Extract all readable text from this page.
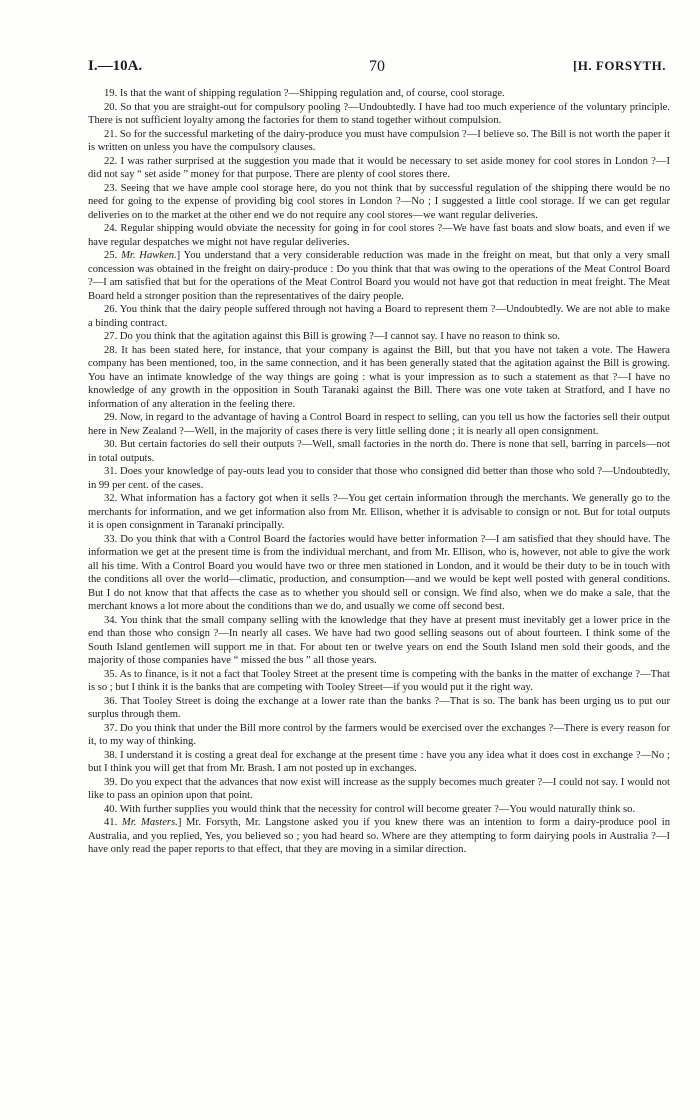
I.—10A.	70	[H. FORSYTH.

19. Is that the want of shipping regulation ?—Shipping regulation and, of course, cool storage.

20. So that you are straight-out for compulsory pooling ?—Undoubtedly. I have had too much experience of the voluntary principle. There is not sufficient loyalty among the factories for them to stand together without compulsion.

21. So for the successful marketing of the dairy-produce you must have compulsion ?—I believe so. The Bill is not worth the paper it is written on unless you have the compulsory clauses.

22. I was rather surprised at the suggestion you made that it would be necessary to set aside money for cool stores in London ?—I did not say “ set aside ” money for that purpose. There are plenty of cool stores there.

23. Seeing that we have ample cool storage here, do you not think that by successful regulation of the shipping there would be no need for going to the expense of providing big cool stores in London ?—No ; I suggested a little cool storage. If we can get regular deliveries on to the market at the other end we do not require any cool stores—we want regular deliveries.

24. Regular shipping would obviate the necessity for going in for cool stores ?—We have fast boats and slow boats, and even if we have regular despatches we might not have regular deliveries.

25. Mr. Hawken.] You understand that a very considerable reduction was made in the freight on meat, but that only a very small concession was obtained in the freight on dairy-produce : Do you think that that was owing to the operations of the Meat Control Board ?—I am satisfied that but for the operations of the Meat Control Board you would not have got that reduction in meat freight. The Meat Board held a stronger position than the representatives of the dairy people.

26. You think that the dairy people suffered through not having a Board to represent them ?—Undoubtedly. We are not able to make a binding contract.

27. Do you think that the agitation against this Bill is growing ?—I cannot say. I have no reason to think so.

28. It has been stated here, for instance, that your company is against the Bill, but that you have not taken a vote. The Hawera company has been mentioned, too, in the same connection, and it has been generally stated that the agitation against the Bill is growing. You have an intimate knowledge of the way things are going : what is your impression as to such a statement as that ?—I have no knowledge of any growth in the opposition in South Taranaki against the Bill. There was one vote taken at Stratford, and I have no information of any alteration in the feeling there.

29. Now, in regard to the advantage of having a Control Board in respect to selling, can you tell us how the factories sell their output here in New Zealand ?—Well, in the majority of cases there is very little selling done ; it is nearly all open consignment.

30. But certain factories do sell their outputs ?—Well, small factories in the north do. There is none that sell, barring in parcels—not in total outputs.

31. Does your knowledge of pay-outs lead you to consider that those who consigned did better than those who sold ?—Undoubtedly, in 99 per cent. of the cases.

32. What information has a factory got when it sells ?—You get certain information through the merchants. We generally go to the merchants for information, and we get information also from Mr. Ellison, whether it is advisable to consign or not. But for total outputs it is open consignment in Taranaki principally.

33. Do you think that with a Control Board the factories would have better information ?—I am satisfied that they should have. The information we get at the present time is from the individual merchant, and from Mr. Ellison, who is, however, not able to give the work all his time. With a Control Board you would have two or three men stationed in London, and it would be their duty to be in touch with the conditions all over the world—climatic, production, and consumption—and we would be kept well posted with general conditions. But I do not know that that affects the case as to whether you should sell or consign. We find also, when we do make a sale, that the merchant knows a lot more about the conditions than we do, and usually we come off second best.

34. You think that the small company selling with the knowledge that they have at present must inevitably get a lower price in the end than those who consign ?—In nearly all cases. We have had two good selling seasons out of about fourteen. I think some of the South Island gentlemen will support me in that. For about ten or twelve years on end the South Island men sold their goods, and the majority of those companies have “ missed the bus ” all those years.

35. As to finance, is it not a fact that Tooley Street at the present time is competing with the banks in the matter of exchange ?—That is so ; but I think it is the banks that are competing with Tooley Street—if you would put it the right way.

36. That Tooley Street is doing the exchange at a lower rate than the banks ?—That is so. The bank has been urging us to put our surplus through them.

37. Do you think that under the Bill more control by the farmers would be exercised over the exchanges ?—There is every reason for it, to my way of thinking.

38. I understand it is costing a great deal for exchange at the present time : have you any idea what it does cost in exchange ?—No ; but I think you will get that from Mr. Brash. I am not posted up in exchanges.

39. Do you expect that the advances that now exist will increase as the supply becomes much greater ?—I could not say. I would not like to pass an opinion upon that point.

40. With further supplies you would think that the necessity for control will become greater ?—You would naturally think so.

41. Mr. Masters.] Mr. Forsyth, Mr. Langstone asked you if you knew there was an intention to form a dairy-produce pool in Australia, and you replied, Yes, you believed so ; you had heard so. Where are they attempting to form dairying pools in Australia ?—I have only read the paper reports to that effect, that they are moving in a similar direction.
